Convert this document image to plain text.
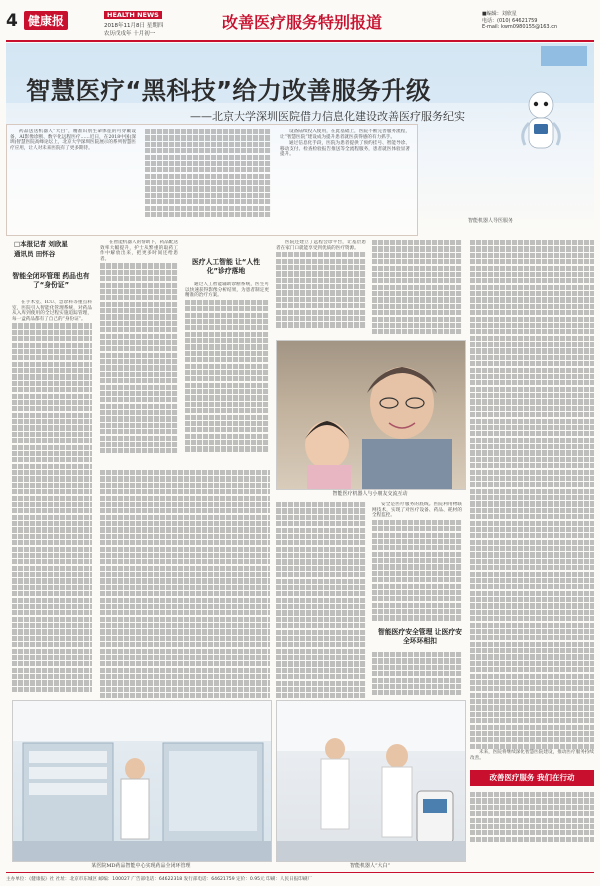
4 健康报	HEALTH NEWS
2018年11月8日 星期四
农历戊戌年 十月初一
改善医疗服务特别报道	■编辑：刘欣星
电话：(010) 64621759
E-mail: kwm0980155@163.cn
智慧医疗“黑科技”给力改善服务升级
——北京大学深圳医院借力信息化建设改善医疗服务纪实

药品送送机器人“大白”，精准识别生命体征的可穿戴设备，AI影像诊断、数字化远程医疗……近日，在2018中国(深圳)智慧医院高峰论坛上，北京大学深圳医院展示的系列智慧医疗应用，让人对未来医院有了更多期待。

设备陆续投入使用，在此基础上，医院不断完善服务流程，让“智慧医院”建设成为提升患者就医获得感的有力抓手。

通过信息化手段，医院为患者提供了预约挂号、智能导诊、移动支付、检查检验报告推送等全流程服务，患者就医体验显著提升。

智能机器人导医服务
□本报记者 刘欣星
通讯员 田怀谷
智能全闭环管理 药品也有了“身份证”

在手术室、ICU、急诊科等重点科室，医院引入智能化管理系统，对药品从入库到使用的全过程实施追踪管理，每一盒药品都有了自己的“身份证”。

在智能机器人的帮助下，药品配送效率大幅提升，护士从繁重的取药工作中解放出来，把更多时间还给患者。	医疗人工智能 让“人性化”诊疗落地

通过人工智能辅助诊断系统，医生可以快速获得影像分析结果，为患者制定更精准的治疗方案。

医院还建立了远程会诊平台，让基层患者在家门口就能享受到优质的医疗资源。

智能医疗机器人与小朋友交流互动
智能医疗安全管理 让医疗安全环环相扣

安全是医疗服务的底线。医院利用物联网技术，实现了对医疗设备、药品、耗材的全程监控。

未来，医院将继续深化智慧医院建设，推动医疗服务持续改善。

某医院MD药品智能中心实现药品全闭环管理	智能机器人“大白”
改善医疗服务 我们在行动
主办单位：《健康报》社 社址：北京市东城区 邮编：100027 广告部电话：64622318 发行部电话：64621759 定价：0.95元 印刷：人民日报印刷厂
